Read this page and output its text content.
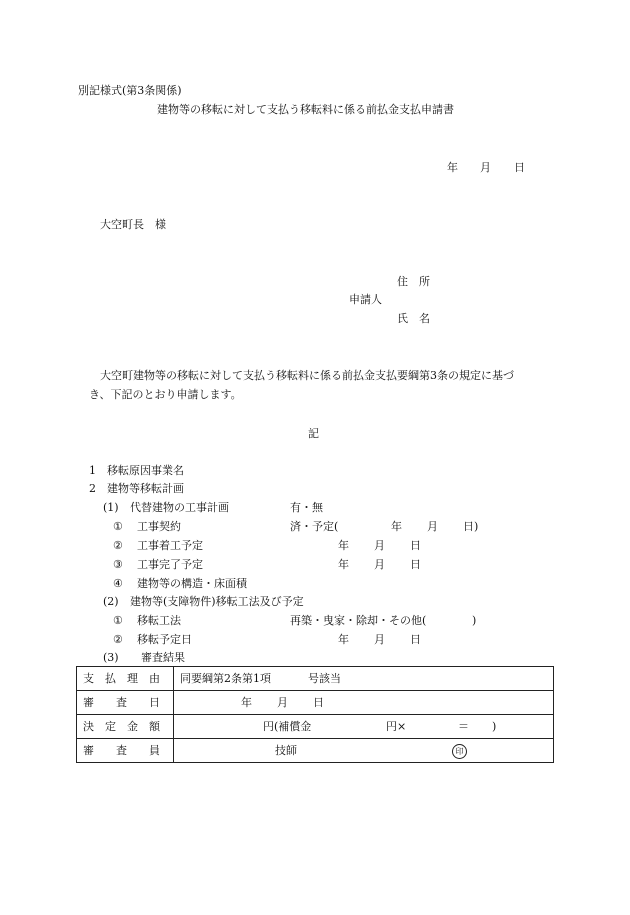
別記様式(第3条関係)
建物等の移転に対して支払う移転料に係る前払金支払申請書
年 月 日
大空町長　様
住　所
申請人
氏　名
大空町建物等の移転に対して支払う移転料に係る前払金支払要綱第3条の規定に基づ
き、下記のとおり申請します。
記
1 移転原因事業名
2 建物等移転計画
(1) 代替建物の工事計画	有・無
① 工事契約	済・予定(	年 月 日)
② 工事着工予定	年 月 日
③ 工事完了予定	年 月 日
④ 建物等の構造・床面積
(2) 建物等(支障物件)移転工法及び予定
① 移転工法	再築・曳家・除却・その他(	)
② 移転予定日	年 月 日
(3) 審査結果
支　払　理　由	同要綱第2条第1項 号該当

審　　査　　日	年 月 日

決　定　金　額	円(補償金 円× ＝ )

審　　査　　員	技師 印
